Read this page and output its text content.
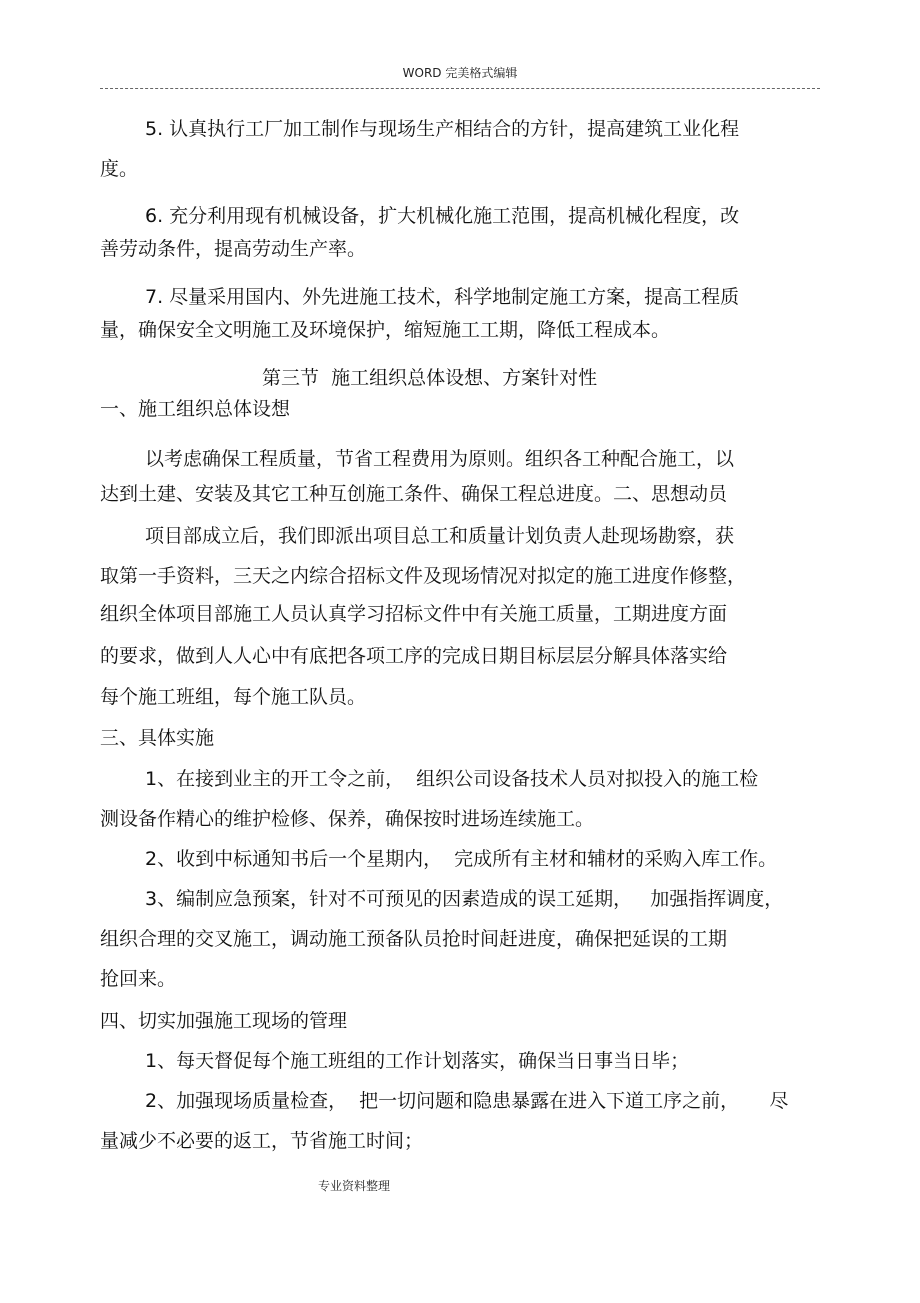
WORD 完美格式编辑
5. 认真执行工厂加工制作与现场生产相结合的方针，提高建筑工业化程
度。
6. 充分利用现有机械设备，扩大机械化施工范围，提高机械化程度，改
善劳动条件，提高劳动生产率。
7. 尽量采用国内、外先进施工技术，科学地制定施工方案，提高工程质
量，确保安全文明施工及环境保护，缩短施工工期，降低工程成本。
第三节  施工组织总体设想、方案针对性
一、施工组织总体设想
以考虑确保工程质量，节省工程费用为原则。组织各工种配合施工，以
达到土建、安装及其它工种互创施工条件、确保工程总进度。二、思想动员
项目部成立后，我们即派出项目总工和质量计划负责人赴现场勘察，获
取第一手资料，三天之内综合招标文件及现场情况对拟定的施工进度作修整，
组织全体项目部施工人员认真学习招标文件中有关施工质量，工期进度方面
的要求，做到人人心中有底把各项工序的完成日期目标层层分解具体落实给
每个施工班组，每个施工队员。
三、具体实施
1、在接到业主的开工令之前，  组织公司设备技术人员对拟投入的施工检
测设备作精心的维护检修、保养，确保按时进场连续施工。
2、收到中标通知书后一个星期内，  完成所有主材和辅材的采购入库工作。
3、编制应急预案，针对不可预见的因素造成的误工延期，   加强指挥调度，
组织合理的交叉施工，调动施工预备队员抢时间赶进度，确保把延误的工期
抢回来。
四、切实加强施工现场的管理
1、每天督促每个施工班组的工作计划落实，确保当日事当日毕；
2、加强现场质量检查，  把一切问题和隐患暴露在进入下道工序之前，     尽
量减少不必要的返工，节省施工时间；
专业资料整理
